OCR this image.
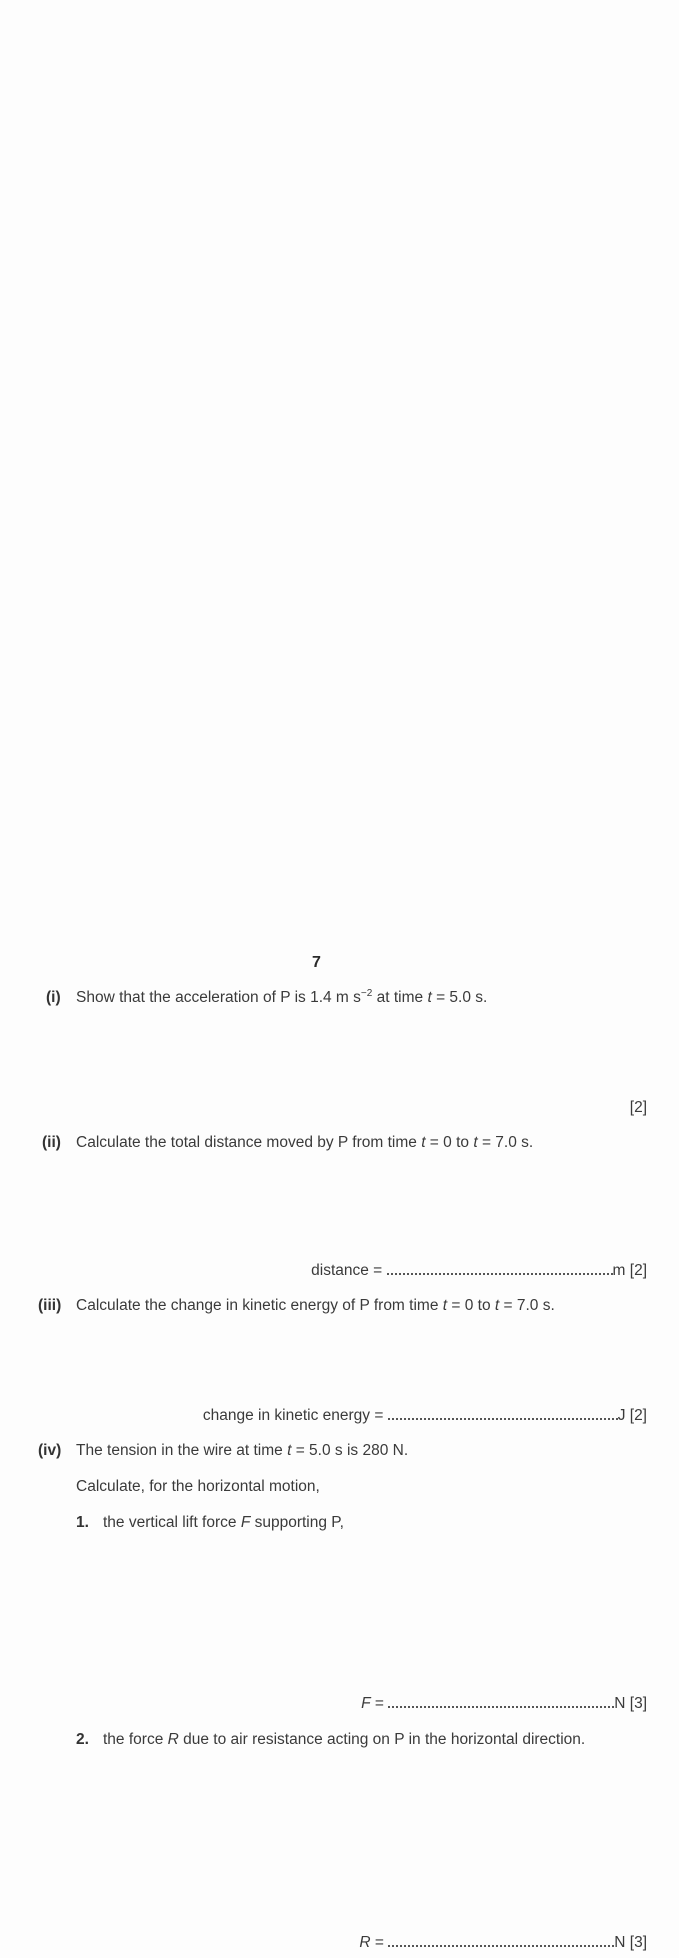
7
(i) Show that the acceleration of P is 1.4 m $s^{-2}$ at time t = 5.0 s.
[2]
(ii) Calculate the total distance moved by P from time t = 0 to t = 7.0 s.
distance =	m [2]
(iii) Calculate the change in kinetic energy of P from time t = 0 to t = 7.0 s.
change in kinetic energy =	J [2]
(iv) The tension in the wire at time t = 5.0 s is 280 N.
Calculate, for the horizontal motion,
1. the vertical lift force F supporting P,
F =	N [3]
2. the force R due to air resistance acting on P in the horizontal direction.
R =	N [3]
